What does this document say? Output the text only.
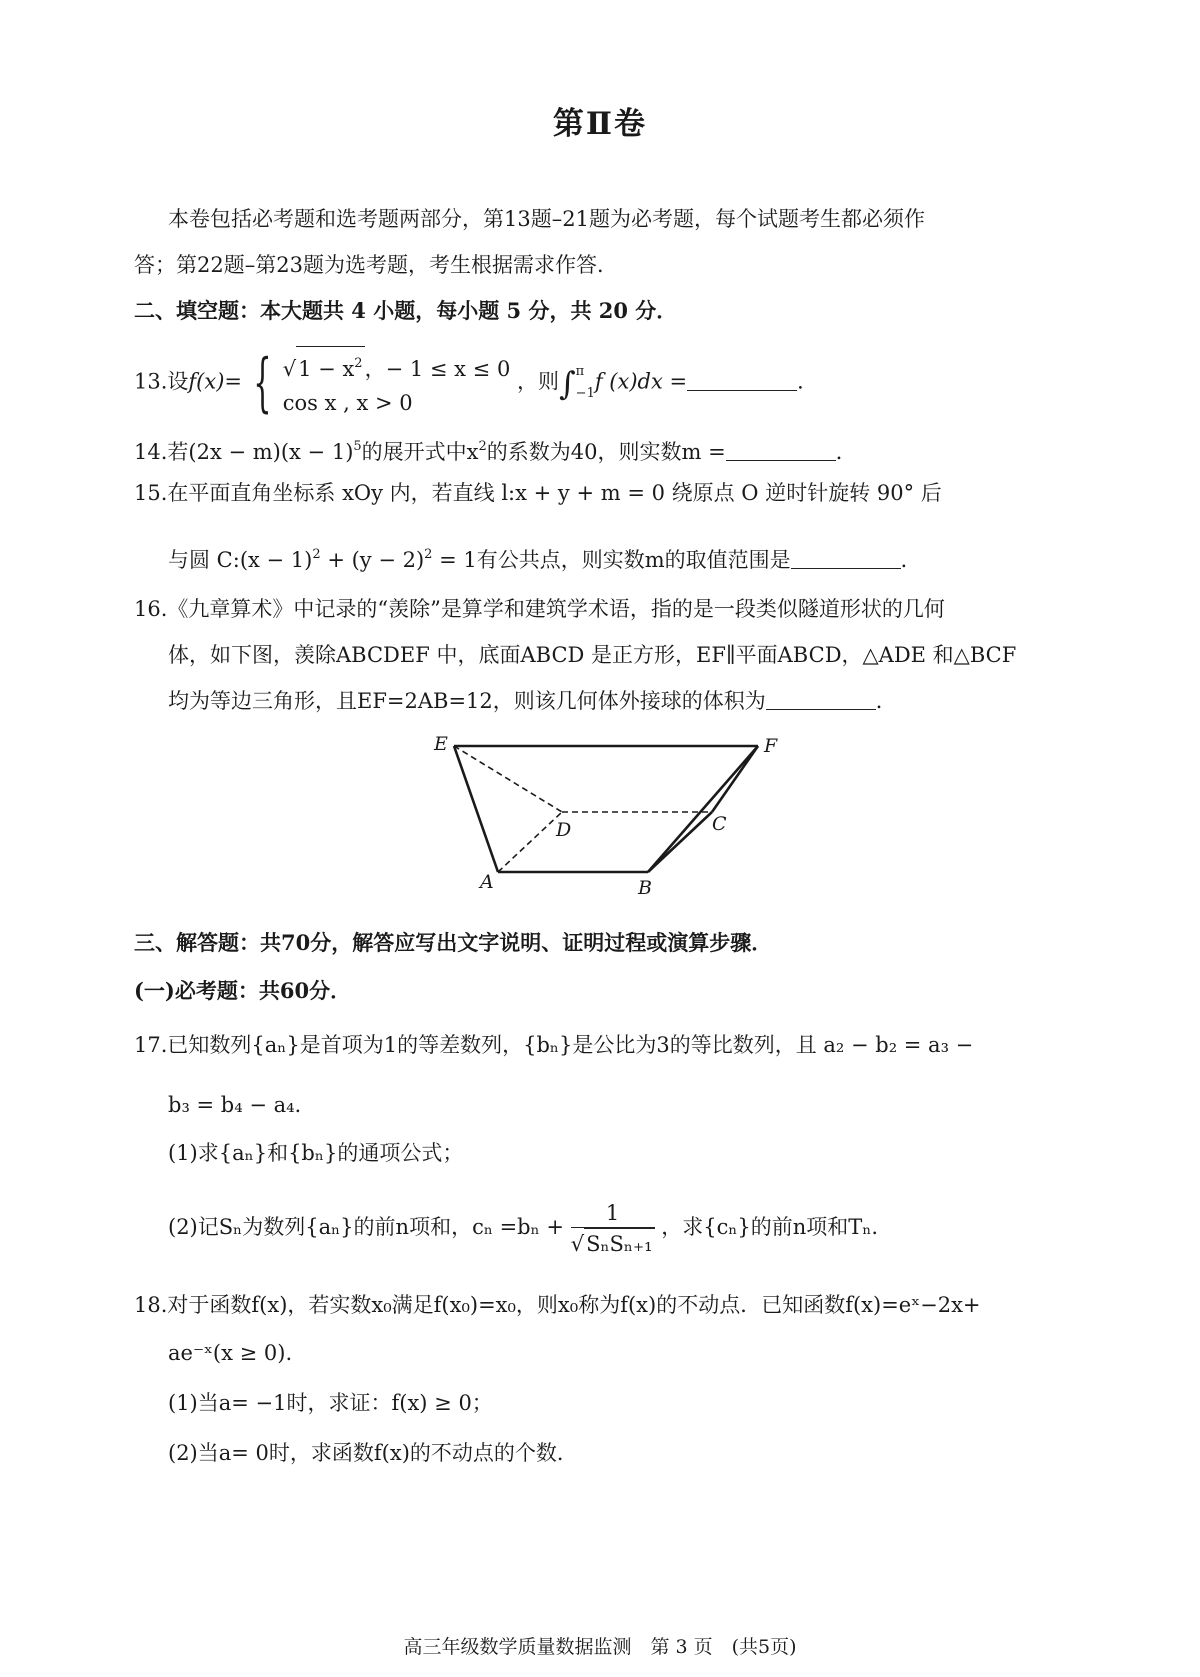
第Ⅱ卷
本卷包括必考题和选考题两部分，第13题–21题为必考题，每个试题考生都必须作
答；第22题–第23题为选考题，考生根据需求作答．
二、填空题：本大题共 4 小题，每小题 5 分，共 20 分．
13.设f(x)= { $√1 - x^2$，− 1 ≤ x ≤ 0
cos x , x > 0
，则∫ π
−1 f (x)dx =	．
14.若$(2x - m)(x - 1)^5$的展开式中$x^2$的系数为40，则实数m =	．
15.在平面直角坐标系 xOy 内，若直线 l:x + y + m = 0 绕原点 O 逆时针旋转 90° 后
与圆 C:(x − $1)^2 + (y - 2)^2 = 1$有公共点，则实数m的取值范围是	．
16.《九章算术》中记录的“羡除”是算学和建筑学术语，指的是一段类似隧道形状的几何
体，如下图，羡除ABCDEF 中，底面ABCD 是正方形，EF∥平面ABCD，△ADE 和△BCF
均为等边三角形，且EF=2AB=12，则该几何体外接球的体积为	．
E	F
D	C
A	B
三、解答题：共70分，解答应写出文字说明、证明过程或演算步骤．
(一)必考题：共60分．
17.已知数列{aₙ}是首项为1的等差数列，{bₙ}是公比为3的等比数列，且 a₂ − b₂ = a₃ −
b₃ = b₄ − a₄.
(1)求{aₙ}和{bₙ}的通项公式；
(2)记Sₙ为数列{aₙ}的前n项和，$c_n =b_n + \frac{1}{\text{√SₙSₙ₊₁}}$ ，求{cₙ}的前n项和Tₙ.
18.对于函数f(x)，若实数x₀满足f(x₀)=x₀，则x₀称为f(x)的不动点．已知函数f(x)=eˣ−2x+
ae⁻ˣ(x ≥ 0).
(1)当a= −1时，求证：f(x) ≥ 0；
(2)当a= 0时，求函数f(x)的不动点的个数．
高三年级数学质量数据监测　第 3 页　(共5页)
